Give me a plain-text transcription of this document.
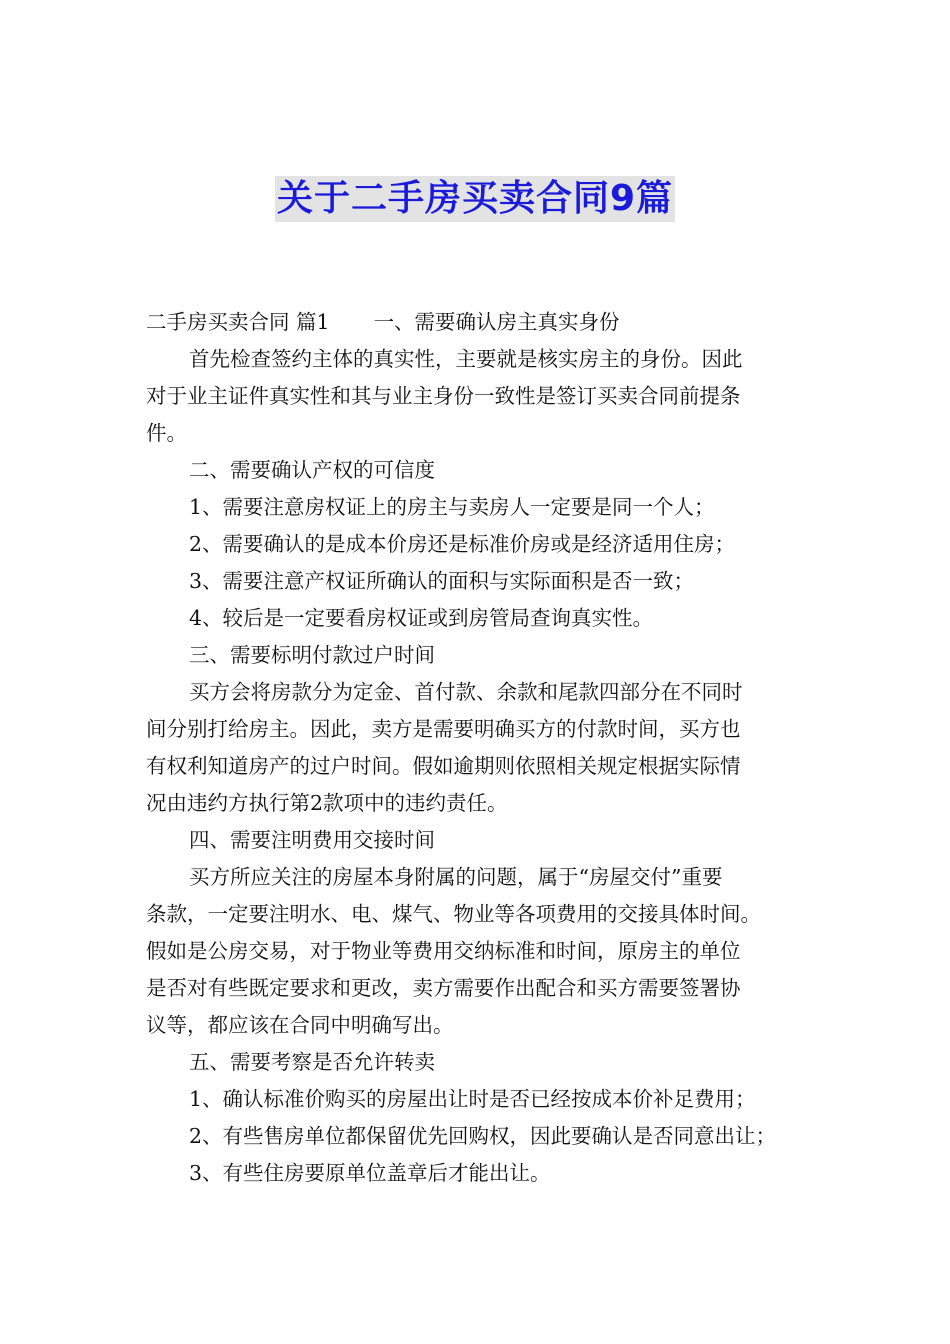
关于二手房买卖合同9篇

二手房买卖合同 篇1 一、需要确认房主真实身份

首先检查签约主体的真实性，主要就是核实房主的身份。因此

对于业主证件真实性和其与业主身份一致性是签订买卖合同前提条

件。

二、需要确认产权的可信度

1、需要注意房权证上的房主与卖房人一定要是同一个人；

2、需要确认的是成本价房还是标准价房或是经济适用住房；

3、需要注意产权证所确认的面积与实际面积是否一致；

4、较后是一定要看房权证或到房管局查询真实性。

三、需要标明付款过户时间

买方会将房款分为定金、首付款、余款和尾款四部分在不同时

间分别打给房主。因此，卖方是需要明确买方的付款时间，买方也

有权利知道房产的过户时间。假如逾期则依照相关规定根据实际情

况由违约方执行第2款项中的违约责任。

四、需要注明费用交接时间

买方所应关注的房屋本身附属的问题，属于“房屋交付”重要

条款，一定要注明水、电、煤气、物业等各项费用的交接具体时间。

假如是公房交易，对于物业等费用交纳标准和时间，原房主的单位

是否对有些既定要求和更改，卖方需要作出配合和买方需要签署协

议等，都应该在合同中明确写出。

五、需要考察是否允许转卖

1、确认标准价购买的房屋出让时是否已经按成本价补足费用；

2、有些售房单位都保留优先回购权，因此要确认是否同意出让；

3、有些住房要原单位盖章后才能出让。
